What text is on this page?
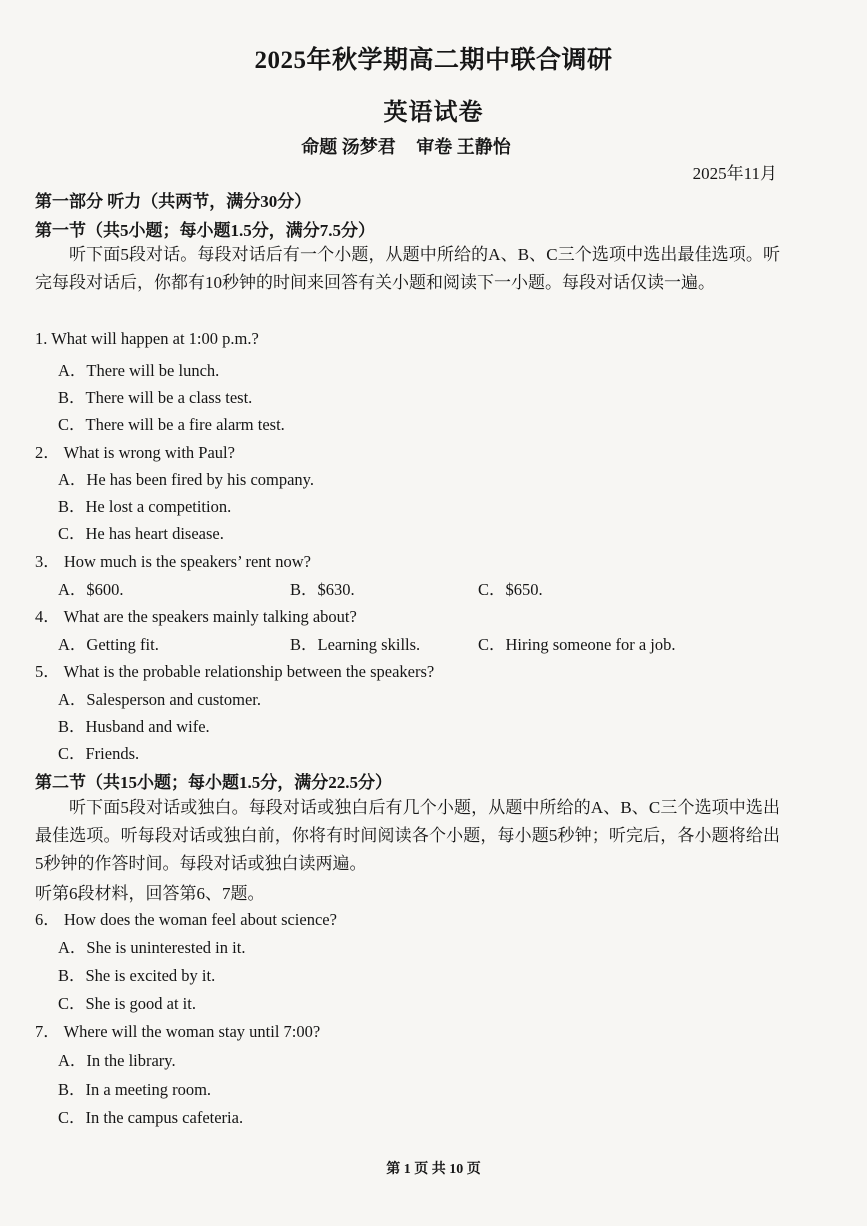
2025年秋学期高二期中联合调研
英语试卷
命题 汤梦君 审卷 王静怡
2025年11月
第一部分 听力（共两节，满分30分）
第一节（共5小题；每小题1.5分，满分7.5分）
听下面5段对话。每段对话后有一个小题，从题中所给的A、B、C三个选项中选出最佳选项。听完每段对话后，你都有10秒钟的时间来回答有关小题和阅读下一小题。每段对话仅读一遍。
1. What will happen at 1:00 p.m.?
A．There will be lunch.
B．There will be a class test.
C．There will be a fire alarm test.
2． What is wrong with Paul?
A．He has been fired by his company.
B．He lost a competition.
C．He has heart disease.
3． How much is the speakers’ rent now?
A．$600.	B．$630.	C．$650.
4． What are the speakers mainly talking about?
A．Getting fit.	B．Learning skills.	C．Hiring someone for a job.
5． What is the probable relationship between the speakers?
A．Salesperson and customer.
B．Husband and wife.
C．Friends.
第二节（共15小题；每小题1.5分，满分22.5分）
听下面5段对话或独白。每段对话或独白后有几个小题，从题中所给的A、B、C三个选项中选出最佳选项。听每段对话或独白前，你将有时间阅读各个小题，每小题5秒钟；听完后，各小题将给出5秒钟的作答时间。每段对话或独白读两遍。
听第6段材料，回答第6、7题。
6． How does the woman feel about science?
A．She is uninterested in it.
B．She is excited by it.
C．She is good at it.
7． Where will the woman stay until 7:00?
A．In the library.
B．In a meeting room.
C．In the campus cafeteria.
第 1 页 共 10 页
